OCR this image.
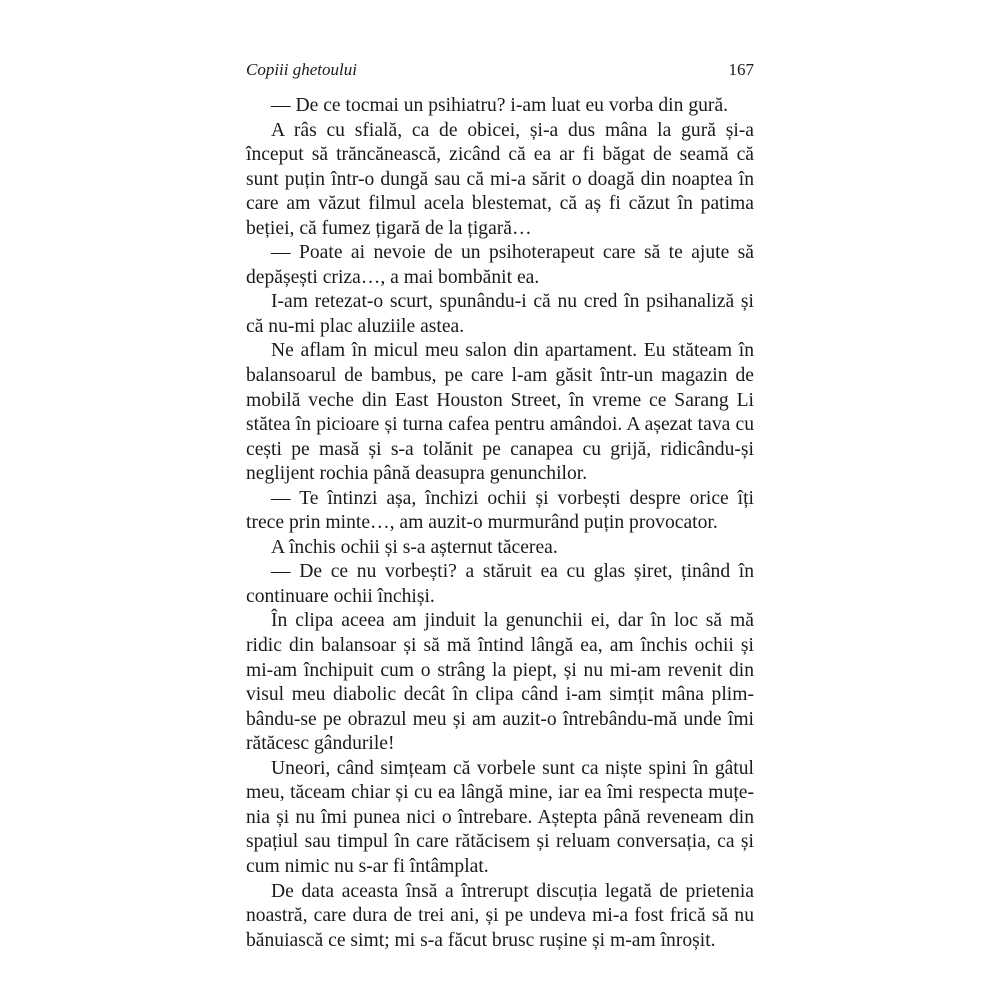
Copiii ghetoului	167

— De ce tocmai un psihiatru? i-am luat eu vorba din gură.

A râs cu sfială, ca de obicei, și-a dus mâna la gură și-a început să trăncănească, zicând că ea ar fi băgat de seamă că sunt puțin într-o dungă sau că mi-a sărit o doagă din noaptea în care am văzut filmul acela blestemat, că aș fi căzut în patima beției, că fumez țigară de la țigară…

— Poate ai nevoie de un psihoterapeut care să te ajute să depășești criza…, a mai bombănit ea.

I-am retezat-o scurt, spunându-i că nu cred în psihanaliză și că nu-mi plac aluziile astea.

Ne aflam în micul meu salon din apartament. Eu stăteam în balansoarul de bambus, pe care l-am găsit într-un magazin de mobilă veche din East Houston Street, în vreme ce Sarang Li stătea în picioare și turna cafea pentru amândoi. A așezat tava cu cești pe masă și s-a tolănit pe canapea cu grijă, ridicându-și neglijent rochia până deasupra genunchilor.

— Te întinzi așa, închizi ochii și vorbești despre orice îți trece prin minte…, am auzit-o murmurând puțin provocator.

A închis ochii și s-a așternut tăcerea.

— De ce nu vorbești? a stăruit ea cu glas șiret, ținând în continuare ochii închiși.

În clipa aceea am jinduit la genunchii ei, dar în loc să mă ridic din balansoar și să mă întind lângă ea, am închis ochii și mi-am închipuit cum o strâng la piept, și nu mi-am revenit din visul meu diabolic decât în clipa când i-am simțit mâna plimbându-se pe obrazul meu și am auzit-o întrebându-mă unde îmi rătăcesc gândurile!

Uneori, când simțeam că vorbele sunt ca niște spini în gâtul meu, tăceam chiar și cu ea lângă mine, iar ea îmi respecta muțenia și nu îmi punea nici o întrebare. Aștepta până reveneam din spațiul sau timpul în care rătăcisem și reluam conversația, ca și cum nimic nu s-ar fi întâmplat.

De data aceasta însă a întrerupt discuția legată de prietenia noastră, care dura de trei ani, și pe undeva mi-a fost frică să nu bănuiască ce simt; mi s-a făcut brusc rușine și m-am înroșit.
